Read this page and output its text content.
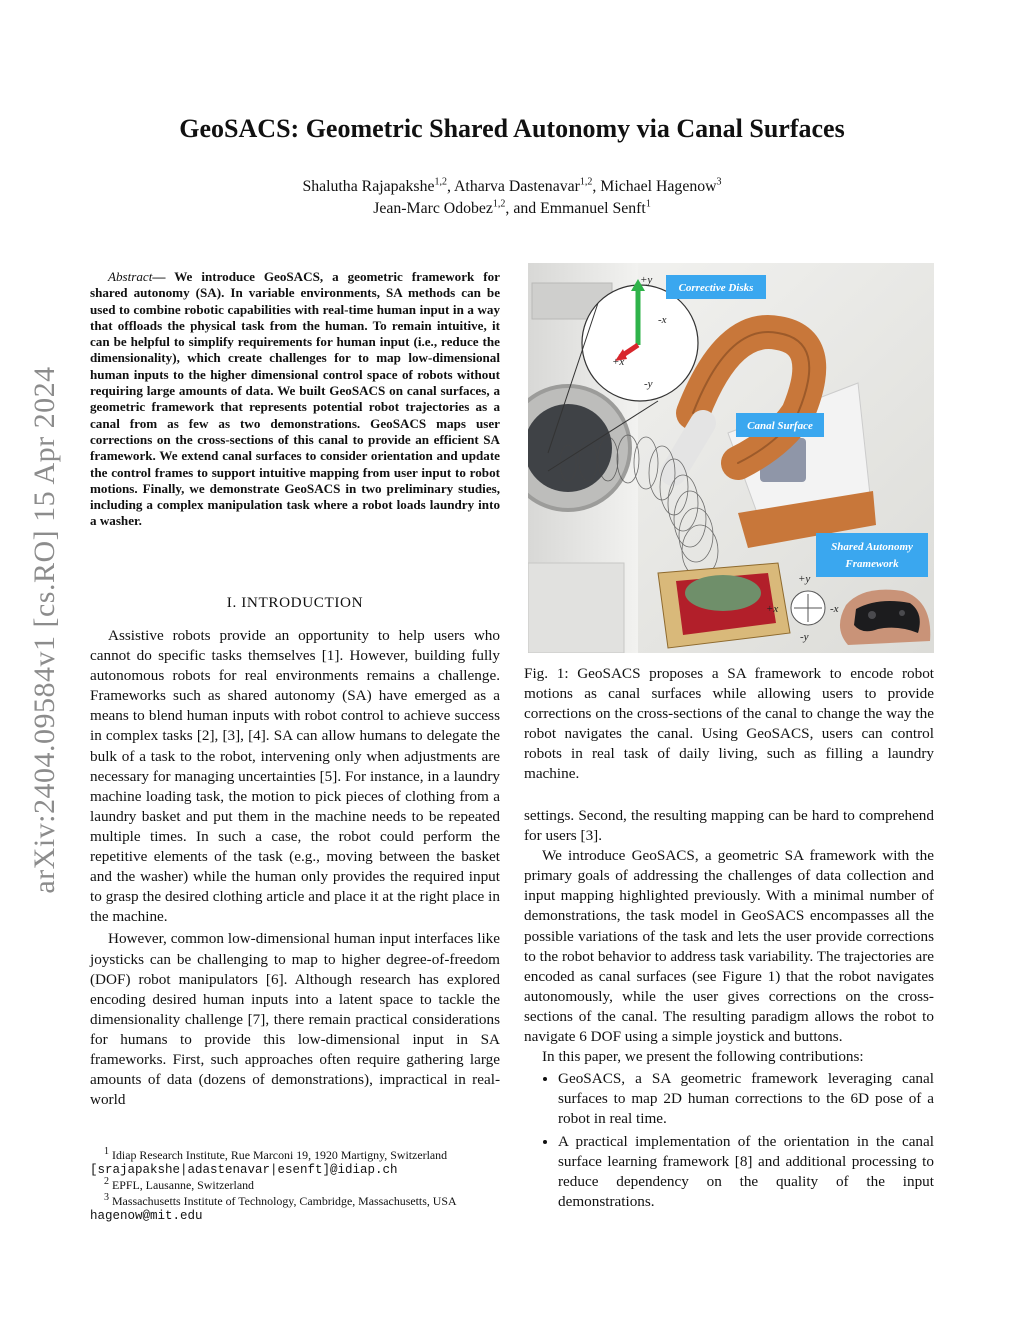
arXiv:2404.09584v1 [cs.RO] 15 Apr 2024
GeoSACS: Geometric Shared Autonomy via Canal Surfaces
Shalutha Rajapakshe$^{1,2}$, Atharva Dastenavar$^{1,2}$, Michael Hagenow$^3$
Jean-Marc Odobez$^{1,2}$, and Emmanuel Senft$^1$

Abstract— We introduce GeoSACS, a geometric framework for shared autonomy (SA). In variable environments, SA methods can be used to combine robotic capabilities with real-time human input in a way that offloads the physical task from the human. To remain intuitive, it can be helpful to simplify requirements for human input (i.e., reduce the dimensionality), which create challenges for to map low-dimensional human inputs to the higher dimensional control space of robots without requiring large amounts of data. We built GeoSACS on canal surfaces, a geometric framework that represents potential robot trajectories as a canal from as few as two demonstrations. GeoSACS maps user corrections on the cross-sections of this canal to provide an efficient SA framework. We extend canal surfaces to consider orientation and update the control frames to support intuitive mapping from user input to robot motions. Finally, we demonstrate GeoSACS in two preliminary studies, including a complex manipulation task where a robot loads laundry into a washer.

I. INTRODUCTION

Assistive robots provide an opportunity to help users who cannot do specific tasks themselves [1]. However, building fully autonomous robots for real environments remains a challenge. Frameworks such as shared autonomy (SA) have emerged as a means to blend human inputs with robot control to achieve success in complex tasks [2], [3], [4]. SA can allow humans to delegate the bulk of a task to the robot, intervening only when adjustments are necessary for managing uncertainties [5]. For instance, in a laundry machine loading task, the motion to pick pieces of clothing from a laundry basket and put them in the machine needs to be repeated multiple times. In such a case, the robot could perform the repetitive elements of the task (e.g., moving between the basket and the washer) while the human only provides the required input to grasp the desired clothing article and place it at the right place in the machine.

However, common low-dimensional human input interfaces like joysticks can be challenging to map to higher degree-of-freedom (DOF) robot manipulators [6]. Although research has explored encoding desired human inputs into a latent space to tackle the dimensionality challenge [7], there remain practical considerations for humans to provide this low-dimensional input in SA frameworks. First, such approaches often require gathering large amounts of data (dozens of demonstrations), impractical in real-world

$^1$ Idiap Research Institute, Rue Marconi 19, 1920 Martigny, Switzerland

[srajapakshe|adastenavar|esenft]@idiap.ch

$^2$ EPFL, Lausanne, Switzerland

$^3$ Massachusetts Institute of Technology, Cambridge, Massachusetts, USA

hagenow@mit.edu

+y
-x
+x
-y
+y
+x	-x
-y
Corrective Disks
Canal Surface
Shared Autonomy
Framework

Fig. 1: GeoSACS proposes a SA framework to encode robot motions as canal surfaces while allowing users to provide corrections on the cross-sections of the canal to change the way the robot navigates the canal. Using GeoSACS, users can control robots in real task of daily living, such as filling a laundry machine.

settings. Second, the resulting mapping can be hard to comprehend for users [3].

We introduce GeoSACS, a geometric SA framework with the primary goals of addressing the challenges of data collection and input mapping highlighted previously. With a minimal number of demonstrations, the task model in GeoSACS encompasses all the possible variations of the task and lets the user provide corrections to the robot behavior to address task variability. The trajectories are encoded as canal surfaces (see Figure 1) that the robot navigates autonomously, while the user gives corrections on the cross-sections of the canal. The resulting paradigm allows the robot to navigate 6 DOF using a simple joystick and buttons.

In this paper, we present the following contributions:

• GeoSACS, a SA geometric framework leveraging canal surfaces to map 2D human corrections to the 6D pose of a robot in real time.
• A practical implementation of the orientation in the canal surface learning framework [8] and additional processing to reduce dependency on the quality of the input demonstrations.
